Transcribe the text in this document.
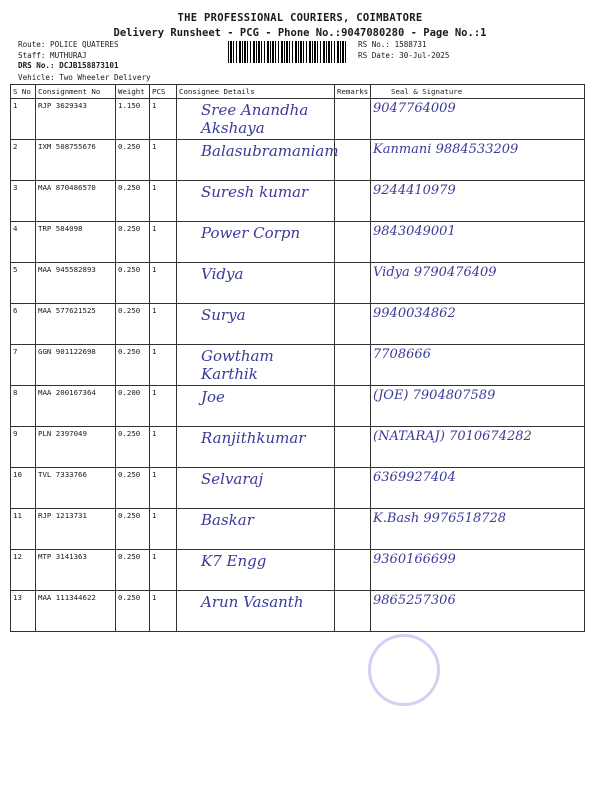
THE PROFESSIONAL COURIERS, COIMBATORE
Delivery Runsheet - PCG - Phone No.:9047080280 - Page No.:1
Route: POLICE QUATERES
Staff: MUTHURAJ
DRS No.: DCJB158873101
RS No.: 1588731
RS Date: 30-Jul-2025
Vehicle: Two Wheeler Delivery
S No	Consignment No	Weight	PCS	Consignee Details	Remarks	Seal & Signature
1	RJP 3629343	1.150	1	Sree Anandha Akshaya		9047764009
2	IXM 508755676	0.250	1	Balasubramaniam		Kanmani 9884533209
3	MAA 870486570	0.250	1	Suresh kumar		9244410979
4	TRP 584098	0.250	1	Power Corpn		9843049001
5	MAA 945582893	0.250	1	Vidya		Vidya 9790476409
6	MAA 577621525	0.250	1	Surya		9940034862
7	GGN 901122698	0.250	1	Gowtham Karthik		7708666
8	MAA 200167364	0.200	1	Joe		(JOE) 7904807589
9	PLN 2397049	0.250	1	Ranjithkumar		(NATARAJ) 7010674282
10	TVL 7333766	0.250	1	Selvaraj		6369927404
11	RJP 1213731	0.250	1	Baskar		K.Bash 9976518728
12	MTP 3141363	0.250	1	K7 Engg		9360166699
13	MAA 111344622	0.250	1	Arun Vasanth		9865257306
